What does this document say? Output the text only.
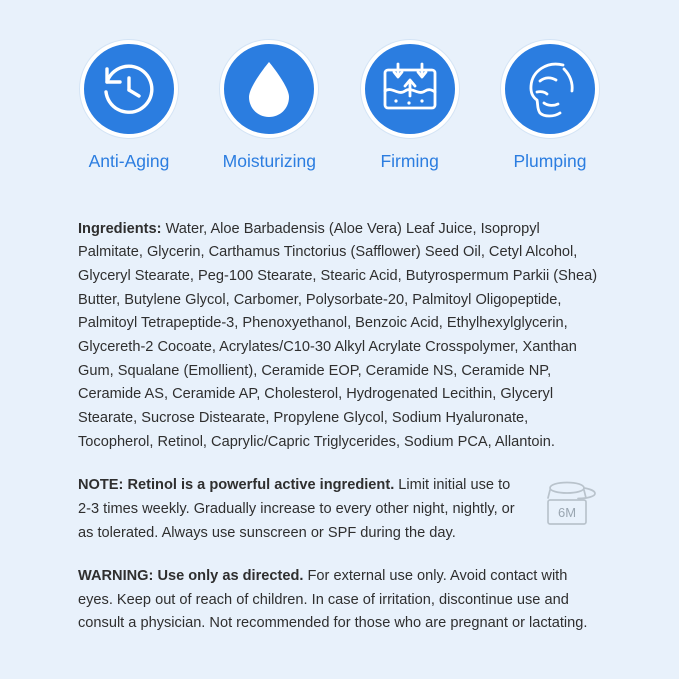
Anti-Aging	Moisturizing	Firming	Plumping

Ingredients: Water, Aloe Barbadensis (Aloe Vera) Leaf Juice, Isopropyl Palmitate, Glycerin, Carthamus Tinctorius (Safflower) Seed Oil, Cetyl Alcohol, Glyceryl Stearate, Peg-100 Stearate, Stearic Acid, Butyrospermum Parkii (Shea) Butter, Butylene Glycol, Carbomer, Polysorbate-20, Palmitoyl Oligopeptide, Palmitoyl Tetrapeptide-3, Phenoxyethanol, Benzoic Acid, Ethylhexylglycerin, Glycereth-2 Cocoate, Acrylates/C10-30 Alkyl Acrylate Crosspolymer, Xanthan Gum, Squalane (Emollient), Ceramide EOP, Ceramide NS, Ceramide NP, Ceramide AS, Ceramide AP, Cholesterol, Hydrogenated Lecithin, Glyceryl Stearate, Sucrose Distearate, Propylene Glycol, Sodium Hyaluronate, Tocopherol, Retinol, Caprylic/Capric Triglycerides, Sodium PCA, Allantoin.

NOTE: Retinol is a powerful active ingredient. Limit initial use to 2-3 times weekly. Gradually increase to every other night, nightly, or as tolerated. Always use sunscreen or SPF during the day.
6M

WARNING: Use only as directed. For external use only. Avoid contact with eyes. Keep out of reach of children. In case of irritation, discontinue use and consult a physician. Not recommended for those who are pregnant or lactating.
